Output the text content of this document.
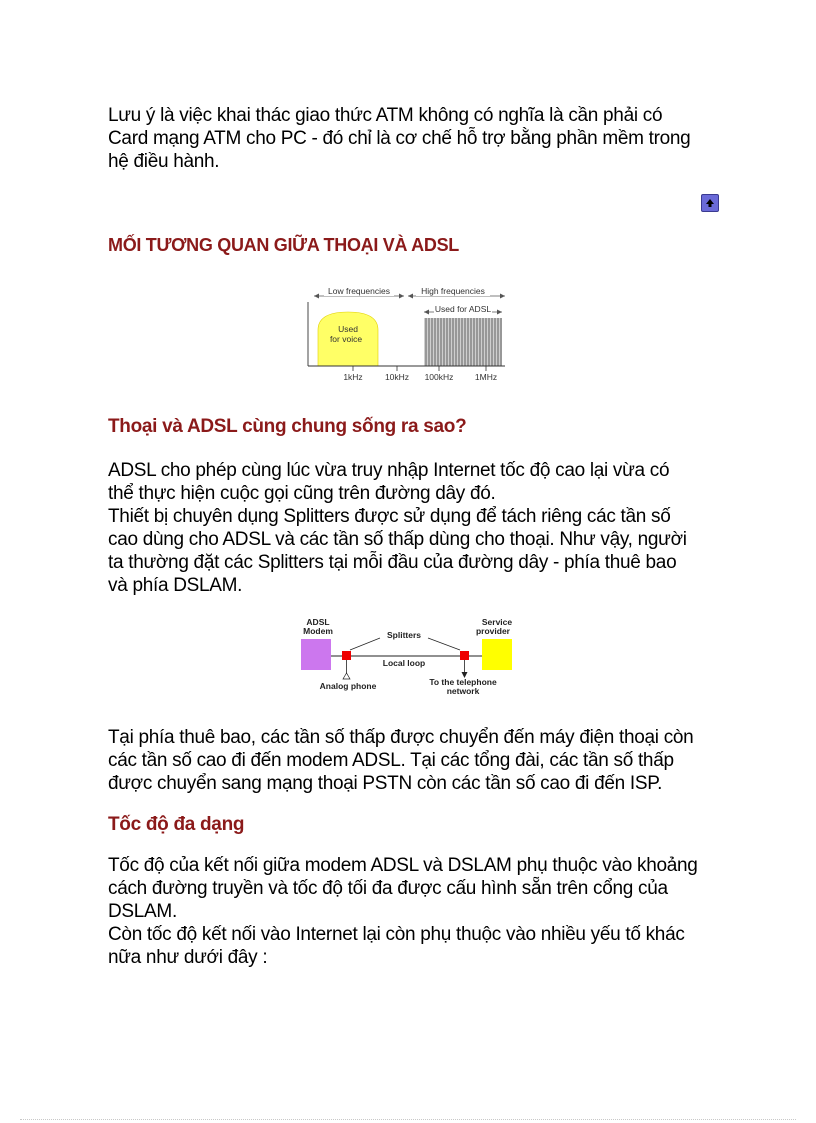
Lưu ý là việc khai thác giao thức ATM không có nghĩa là cần phải có
Card mạng ATM cho PC - đó chỉ là cơ chế hỗ trợ bằng phần mềm trong
hệ điều hành.

MỐI TƯƠNG QUAN GIỮA THOẠI VÀ ADSL
Low frequencies	High frequencies
Used for ADSL
Used
for voice
1kHz	10kHz 100kHz	1MHz
Thoại và ADSL cùng chung sống ra sao?

ADSL cho phép cùng lúc vừa truy nhập Internet tốc độ cao lại vừa có
thể thực hiện cuộc gọi cũng trên đường dây đó.
Thiết bị chuyên dụng Splitters được sử dụng để tách riêng các tần số
cao dùng cho ADSL và các tần số thấp dùng cho thoại. Như vậy, người
ta thường đặt các Splitters tại mỗi đầu của đường dây - phía thuê bao
và phía DSLAM.

ADSL
Modem
Service
provider
Splitters
Local loop
Analog phone	To the telephone
network

Tại phía thuê bao, các tần số thấp được chuyển đến máy điện thoại còn
các tần số cao đi đến modem ADSL. Tại các tổng đài, các tần số thấp
được chuyển sang mạng thoại PSTN còn các tần số cao đi đến ISP.

Tốc độ đa dạng

Tốc độ của kết nối giữa modem ADSL và DSLAM phụ thuộc vào khoảng
cách đường truyền và tốc độ tối đa được cấu hình sẵn trên cổng của
DSLAM.
Còn tốc độ kết nối vào Internet lại còn phụ thuộc vào nhiều yếu tố khác
nữa như dưới đây :
